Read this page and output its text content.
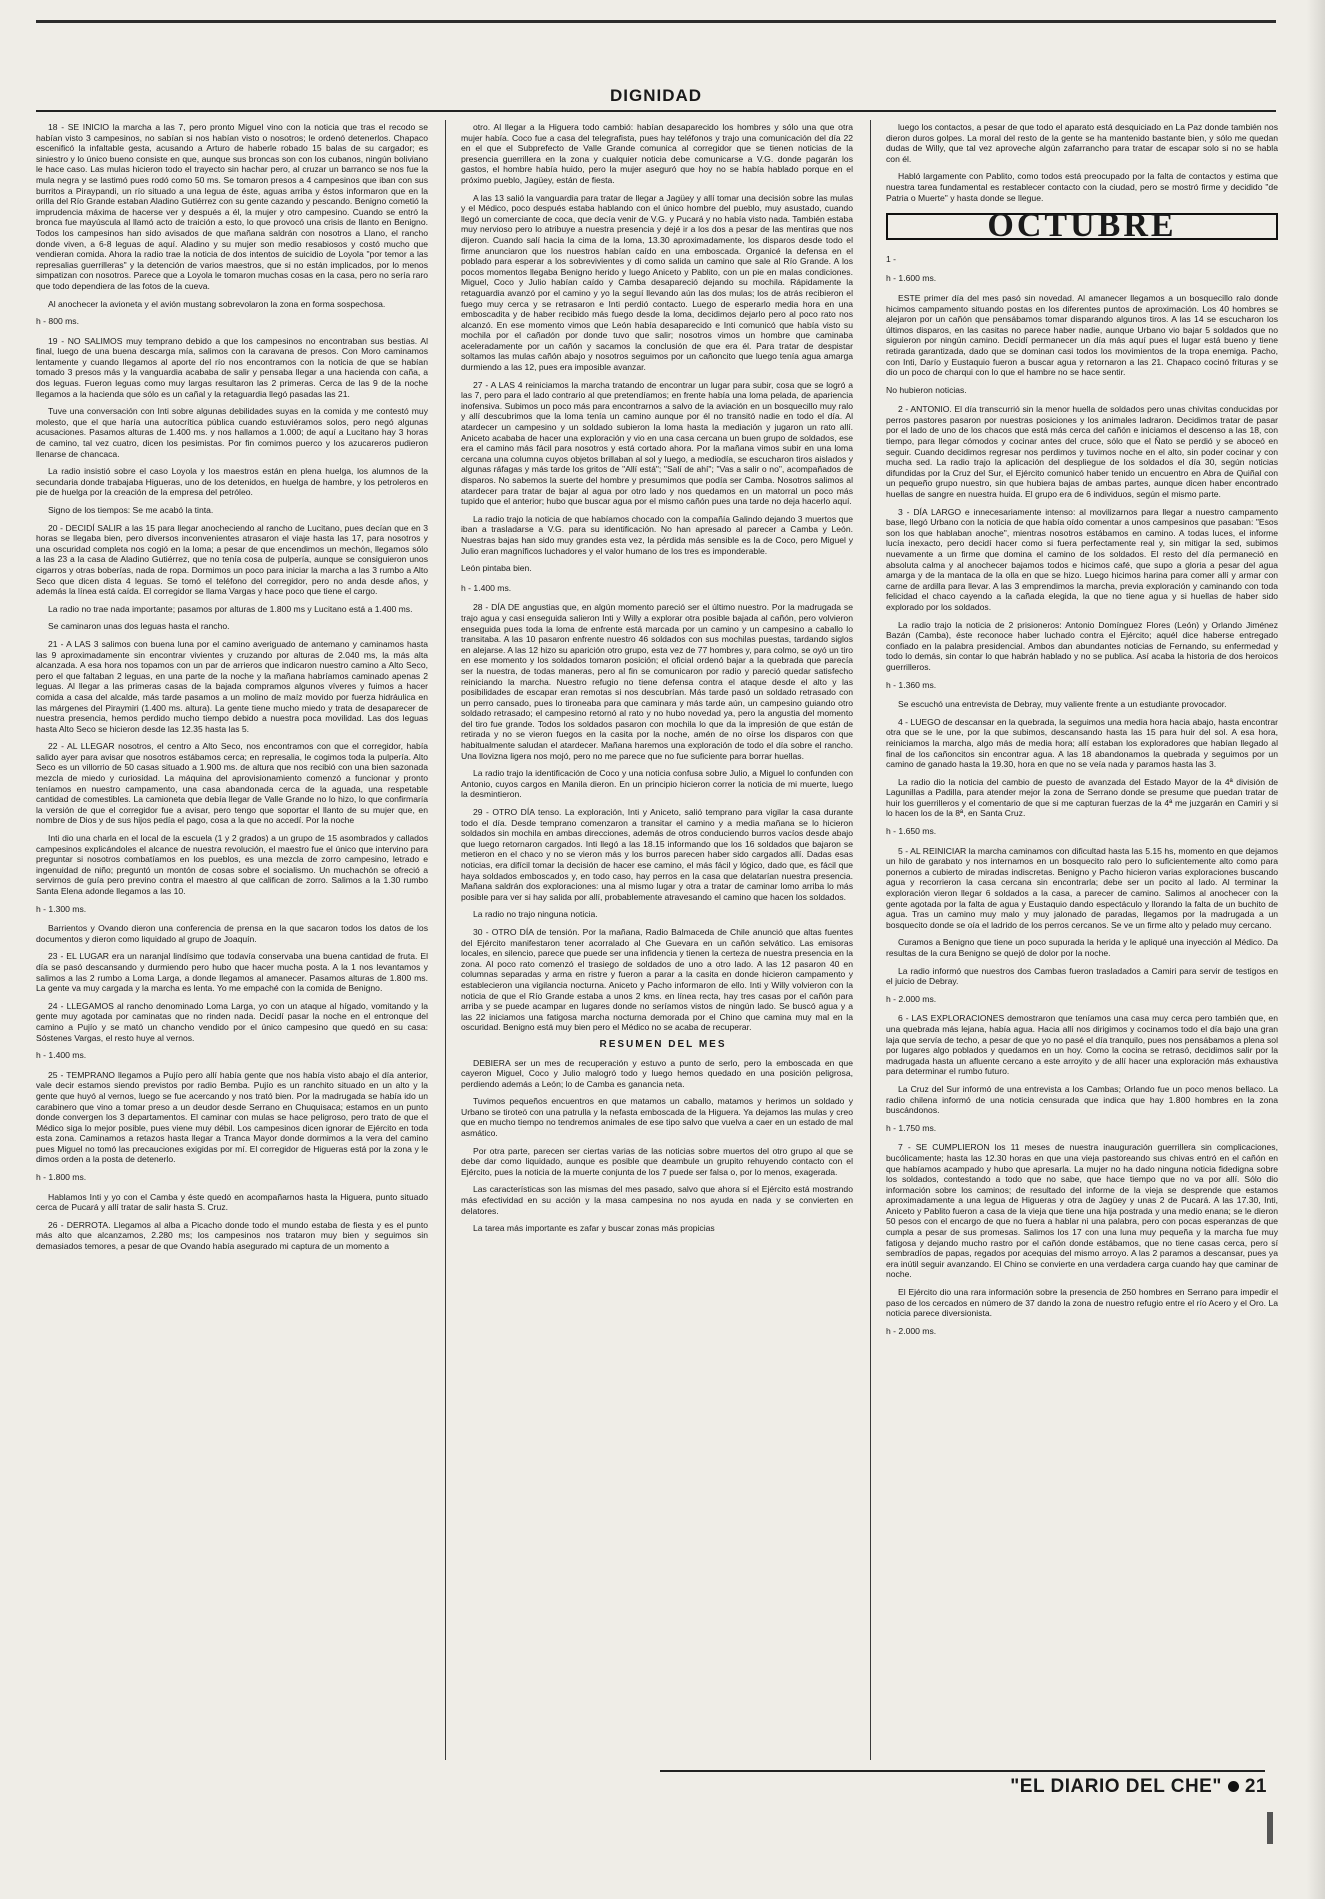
DIGNIDAD

18 - SE INICIO la marcha a las 7, pero pronto Miguel vino con la noticia que tras el recodo se habían visto 3 campesinos, no sabían si nos habían visto o nosotros; le ordenó detenerlos. Chapaco escenificó la infaltable gesta, acusando a Arturo de haberle robado 15 balas de su cargador; es siniestro y lo único bueno consiste en que, aunque sus broncas son con los cubanos, ningún boliviano le hace caso. Las mulas hicieron todo el trayecto sin hachar pero, al cruzar un barranco se nos fue la mula negra y se lastimó pues rodó como 50 ms. Se tomaron presos a 4 campesinos que iban con sus burritos a Piraypandi, un río situado a una legua de éste, aguas arriba y éstos informaron que en la orilla del Río Grande estaban Aladino Gutiérrez con su gente cazando y pescando. Benigno cometió la imprudencia máxima de hacerse ver y después a él, la mujer y otro campesino. Cuando se entró la bronca fue mayúscula al llamó acto de traición a esto, lo que provocó una crisis de llanto en Benigno. Todos los campesinos han sido avisados de que mañana saldrán con nosotros a Llano, el rancho donde viven, a 6-8 leguas de aquí. Aladino y su mujer son medio resabiosos y costó mucho que vendieran comida. Ahora la radio trae la noticia de dos intentos de suicidio de Loyola "por temor a las represalias guerrilleras" y la detención de varios maestros, que si no están implicados, por lo menos simpatizan con nosotros. Parece que a Loyola le tomaron muchas cosas en la casa, pero no sería raro que todo dependiera de las fotos de la cueva.

Al anochecer la avioneta y el avión mustang sobrevolaron la zona en forma sospechosa.

h - 800 ms.

19 - NO SALIMOS muy temprano debido a que los campesinos no encontraban sus bestias. Al final, luego de una buena descarga mía, salimos con la caravana de presos. Con Moro caminamos lentamente y cuando llegamos al aporte del río nos encontramos con la noticia de que se habían tomado 3 presos más y la vanguardia acababa de salir y pensaba llegar a una hacienda con caña, a dos leguas. Fueron leguas como muy largas resultaron las 2 primeras. Cerca de las 9 de la noche llegamos a la hacienda que sólo es un cañal y la retaguardia llegó pasadas las 21.

Tuve una conversación con Inti sobre algunas debilidades suyas en la comida y me contestó muy molesto, que el que haría una autocrítica pública cuando estuviéramos solos, pero negó algunas acusaciones. Pasamos alturas de 1.400 ms. y nos hallamos a 1.000; de aquí a Lucitano hay 3 horas de camino, tal vez cuatro, dicen los pesimistas. Por fin comimos puerco y los azucareros pudieron llenarse de chancaca.

La radio insistió sobre el caso Loyola y los maestros están en plena huelga, los alumnos de la secundaria donde trabajaba Higueras, uno de los detenidos, en huelga de hambre, y los petroleros en pie de huelga por la creación de la empresa del petróleo.

Signo de los tiempos: Se me acabó la tinta.

20 - DECIDÍ SALIR a las 15 para llegar anocheciendo al rancho de Lucitano, pues decían que en 3 horas se llegaba bien, pero diversos inconvenientes atrasaron el viaje hasta las 17, para nosotros y una oscuridad completa nos cogió en la loma; a pesar de que encendimos un mechón, llegamos sólo a las 23 a la casa de Aladino Gutiérrez, que no tenía cosa de pulpería, aunque se consiguieron unos cigarros y otras boberías, nada de ropa. Dormimos un poco para iniciar la marcha a las 3 rumbo a Alto Seco que dicen dista 4 leguas. Se tomó el teléfono del corregidor, pero no anda desde años, y además la línea está caída. El corregidor se llama Vargas y hace poco que tiene el cargo.

La radio no trae nada importante; pasamos por alturas de 1.800 ms y Lucitano está a 1.400 ms.

Se caminaron unas dos leguas hasta el rancho.

21 - A LAS 3 salimos con buena luna por el camino averiguado de antemano y caminamos hasta las 9 aproximadamente sin encontrar vivientes y cruzando por alturas de 2.040 ms, la más alta alcanzada. A esa hora nos topamos con un par de arrieros que indicaron nuestro camino a Alto Seco, pero el que faltaban 2 leguas, en una parte de la noche y la mañana habríamos caminado apenas 2 leguas. Al llegar a las primeras casas de la bajada compramos algunos víveres y fuimos a hacer comida a casa del alcalde, más tarde pasamos a un molino de maíz movido por fuerza hidráulica en las márgenes del Piraymiri (1.400 ms. altura). La gente tiene mucho miedo y trata de desaparecer de nuestra presencia, hemos perdido mucho tiempo debido a nuestra poca movilidad. Las dos leguas hasta Alto Seco se hicieron desde las 12.35 hasta las 5.

22 - AL LLEGAR nosotros, el centro a Alto Seco, nos encontramos con que el corregidor, había salido ayer para avisar que nosotros estábamos cerca; en represalia, le cogimos toda la pulpería. Alto Seco es un villorrio de 50 casas situado a 1.900 ms. de altura que nos recibió con una bien sazonada mezcla de miedo y curiosidad. La máquina del aprovisionamiento comenzó a funcionar y pronto teníamos en nuestro campamento, una casa abandonada cerca de la aguada, una respetable cantidad de comestibles. La camioneta que debía llegar de Valle Grande no lo hizo, lo que confirmaría la versión de que el corregidor fue a avisar, pero tengo que soportar el llanto de su mujer que, en nombre de Dios y de sus hijos pedía el pago, cosa a la que no accedí. Por la noche

Inti dio una charla en el local de la escuela (1 y 2 grados) a un grupo de 15 asombrados y callados campesinos explicándoles el alcance de nuestra revolución, el maestro fue el único que intervino para preguntar si nosotros combatíamos en los pueblos, es una mezcla de zorro campesino, letrado e ingenuidad de niño; preguntó un montón de cosas sobre el socialismo. Un muchachón se ofreció a servirnos de guía pero previno contra el maestro al que califican de zorro. Salimos a la 1.30 rumbo Santa Elena adonde llegamos a las 10.

h - 1.300 ms.

Barrientos y Ovando dieron una conferencia de prensa en la que sacaron todos los datos de los documentos y dieron como liquidado al grupo de Joaquín.

23 - EL LUGAR era un naranjal lindísimo que todavía conservaba una buena cantidad de fruta. El día se pasó descansando y durmiendo pero hubo que hacer mucha posta. A la 1 nos levantamos y salimos a las 2 rumbo a Loma Larga, a donde llegamos al amanecer. Pasamos alturas de 1.800 ms. La gente va muy cargada y la marcha es lenta. Yo me empaché con la comida de Benigno.

24 - LLEGAMOS al rancho denominado Loma Larga, yo con un ataque al hígado, vomitando y la gente muy agotada por caminatas que no rinden nada. Decidí pasar la noche en el entronque del camino a Pujío y se mató un chancho vendido por el único campesino que quedó en su casa: Sóstenes Vargas, el resto huye al vernos.

h - 1.400 ms.

25 - TEMPRANO llegamos a Pujío pero allí había gente que nos había visto abajo el día anterior, vale decir estamos siendo previstos por radio Bemba. Pujío es un ranchito situado en un alto y la gente que huyó al vernos, luego se fue acercando y nos trató bien. Por la madrugada se había ido un carabinero que vino a tomar preso a un deudor desde Serrano en Chuquisaca; estamos en un punto donde convergen los 3 departamentos. El caminar con mulas se hace peligroso, pero trato de que el Médico siga lo mejor posible, pues viene muy débil. Los campesinos dicen ignorar de Ejército en toda esta zona. Caminamos a retazos hasta llegar a Tranca Mayor donde dormimos a la vera del camino pues Miguel no tomó las precauciones exigidas por mí. El corregidor de Higueras está por la zona y le dimos orden a la posta de detenerlo.

h - 1.800 ms.

Hablamos Inti y yo con el Camba y éste quedó en acompañarnos hasta la Higuera, punto situado cerca de Pucará y allí tratar de salir hasta S. Cruz.

26 - DERROTA. Llegamos al alba a Picacho donde todo el mundo estaba de fiesta y es el punto más alto que alcanzamos, 2.280 ms; los campesinos nos trataron muy bien y seguimos sin demasiados temores, a pesar de que Ovando había asegurado mi captura de un momento a

otro. Al llegar a la Higuera todo cambió: habían desaparecido los hombres y sólo una que otra mujer había. Coco fue a casa del telegrafista, pues hay teléfonos y trajo una comunicación del día 22 en el que el Subprefecto de Valle Grande comunica al corregidor que se tienen noticias de la presencia guerrillera en la zona y cualquier noticia debe comunicarse a V.G. donde pagarán los gastos, el hombre había huido, pero la mujer aseguró que hoy no se había hablado porque en el próximo pueblo, Jagüey, están de fiesta.

A las 13 salió la vanguardia para tratar de llegar a Jagüey y allí tomar una decisión sobre las mulas y el Médico, poco después estaba hablando con el único hombre del pueblo, muy asustado, cuando llegó un comerciante de coca, que decía venir de V.G. y Pucará y no había visto nada. También estaba muy nervioso pero lo atribuye a nuestra presencia y dejé ir a los dos a pesar de las mentiras que nos dijeron. Cuando salí hacia la cima de la loma, 13.30 aproximadamente, los disparos desde todo el firme anunciaron que los nuestros habían caído en una emboscada. Organicé la defensa en el poblado para esperar a los sobrevivientes y di como salida un camino que sale al Río Grande. A los pocos momentos llegaba Benigno herido y luego Aniceto y Pablito, con un pie en malas condiciones. Miguel, Coco y Julio habían caído y Camba desapareció dejando su mochila. Rápidamente la retaguardia avanzó por el camino y yo la seguí llevando aún las dos mulas; los de atrás recibieron el fuego muy cerca y se retrasaron e Inti perdió contacto. Luego de esperarlo media hora en una emboscadita y de haber recibido más fuego desde la loma, decidimos dejarlo pero al poco rato nos alcanzó. En ese momento vimos que León había desaparecido e Inti comunicó que había visto su mochila por el cañadón por donde tuvo que salir; nosotros vimos un hombre que caminaba aceleradamente por un cañón y sacamos la conclusión de que era él. Para tratar de despistar soltamos las mulas cañón abajo y nosotros seguimos por un cañoncito que luego tenía agua amarga durmiendo a las 12, pues era imposible avanzar.

27 - A LAS 4 reiniciamos la marcha tratando de encontrar un lugar para subir, cosa que se logró a las 7, pero para el lado contrario al que pretendíamos; en frente había una loma pelada, de apariencia inofensiva. Subimos un poco más para encontrarnos a salvo de la aviación en un bosquecillo muy ralo y allí descubrimos que la loma tenía un camino aunque por él no transitó nadie en todo el día. Al atardecer un campesino y un soldado subieron la loma hasta la mediación y jugaron un rato allí. Aniceto acababa de hacer una exploración y vio en una casa cercana un buen grupo de soldados, ese era el camino más fácil para nosotros y está cortado ahora. Por la mañana vimos subir en una loma cercana una columna cuyos objetos brillaban al sol y luego, a mediodía, se escucharon tiros aislados y algunas ráfagas y más tarde los gritos de "Allí está"; "Salí de ahí"; "Vas a salir o no", acompañados de disparos. No sabemos la suerte del hombre y presumimos que podía ser Camba. Nosotros salimos al atardecer para tratar de bajar al agua por otro lado y nos quedamos en un matorral un poco más tupido que el anterior; hubo que buscar agua por el mismo cañón pues una tarde no deja hacerlo aquí.

La radio trajo la noticia de que habíamos chocado con la compañía Galindo dejando 3 muertos que iban a trasladarse a V.G. para su identificación. No han apresado al parecer a Camba y León. Nuestras bajas han sido muy grandes esta vez, la pérdida más sensible es la de Coco, pero Miguel y Julio eran magníficos luchadores y el valor humano de los tres es imponderable.

León pintaba bien.

h - 1.400 ms.

28 - DÍA DE angustias que, en algún momento pareció ser el último nuestro. Por la madrugada se trajo agua y casi enseguida salieron Inti y Willy a explorar otra posible bajada al cañón, pero volvieron enseguida pues toda la loma de enfrente está marcada por un camino y un campesino a caballo lo transitaba. A las 10 pasaron enfrente nuestro 46 soldados con sus mochilas puestas, tardando siglos en alejarse. A las 12 hizo su aparición otro grupo, esta vez de 77 hombres y, para colmo, se oyó un tiro en ese momento y los soldados tomaron posición; el oficial ordenó bajar a la quebrada que parecía ser la nuestra, de todas maneras, pero al fin se comunicaron por radio y pareció quedar satisfecho reiniciando la marcha. Nuestro refugio no tiene defensa contra el ataque desde el alto y las posibilidades de escapar eran remotas si nos descubrían. Más tarde pasó un soldado retrasado con un perro cansado, pues lo tironeaba para que caminara y más tarde aún, un campesino guiando otro soldado retrasado; el campesino retornó al rato y no hubo novedad ya, pero la angustia del momento del tiro fue grande. Todos los soldados pasaron con mochila lo que da la impresión de que están de retirada y no se vieron fuegos en la casita por la noche, amén de no oírse los disparos con que habitualmente saludan el atardecer. Mañana haremos una exploración de todo el día sobre el rancho. Una llovizna ligera nos mojó, pero no me parece que no fue suficiente para borrar huellas.

La radio trajo la identificación de Coco y una noticia confusa sobre Julio, a Miguel lo confunden con Antonio, cuyos cargos en Manila dieron. En un principio hicieron correr la noticia de mi muerte, luego la desmintieron.

29 - OTRO DÍA tenso. La exploración, Inti y Aniceto, salió temprano para vigilar la casa durante todo el día. Desde temprano comenzaron a transitar el camino y a media mañana se lo hicieron soldados sin mochila en ambas direcciones, además de otros conduciendo burros vacíos desde abajo que luego retornaron cargados. Inti llegó a las 18.15 informando que los 16 soldados que bajaron se metieron en el chaco y no se vieron más y los burros parecen haber sido cargados allí. Dadas esas noticias, era difícil tomar la decisión de hacer ese camino, el más fácil y lógico, dado que, es fácil que haya soldados emboscados y, en todo caso, hay perros en la casa que delatarían nuestra presencia. Mañana saldrán dos exploraciones: una al mismo lugar y otra a tratar de caminar lomo arriba lo más posible para ver si hay salida por allí, probablemente atravesando el camino que hacen los soldados.

La radio no trajo ninguna noticia.

30 - OTRO DÍA de tensión. Por la mañana, Radio Balmaceda de Chile anunció que altas fuentes del Ejército manifestaron tener acorralado al Che Guevara en un cañón selvático. Las emisoras locales, en silencio, parece que puede ser una infidencia y tienen la certeza de nuestra presencia en la zona. Al poco rato comenzó el trasiego de soldados de uno a otro lado. A las 12 pasaron 40 en columnas separadas y arma en ristre y fueron a parar a la casita en donde hicieron campamento y establecieron una vigilancia nocturna. Aniceto y Pacho informaron de ello. Inti y Willy volvieron con la noticia de que el Río Grande estaba a unos 2 kms. en línea recta, hay tres casas por el cañón para arriba y se puede acampar en lugares donde no seríamos vistos de ningún lado. Se buscó agua y a las 22 iniciamos una fatigosa marcha nocturna demorada por el Chino que camina muy mal en la oscuridad. Benigno está muy bien pero el Médico no se acaba de recuperar.

RESUMEN DEL MES

DEBIERA ser un mes de recuperación y estuvo a punto de serlo, pero la emboscada en que cayeron Miguel, Coco y Julio malogró todo y luego hemos quedado en una posición peligrosa, perdiendo además a León; lo de Camba es ganancia neta.

Tuvimos pequeños encuentros en que matamos un caballo, matamos y herimos un soldado y Urbano se tiroteó con una patrulla y la nefasta emboscada de la Higuera. Ya dejamos las mulas y creo que en mucho tiempo no tendremos animales de ese tipo salvo que vuelva a caer en un estado de mal asmático.

Por otra parte, parecen ser ciertas varias de las noticias sobre muertos del otro grupo al que se debe dar como liquidado, aunque es posible que deambule un grupito rehuyendo contacto con el Ejército, pues la noticia de la muerte conjunta de los 7 puede ser falsa o, por lo menos, exagerada.

Las características son las mismas del mes pasado, salvo que ahora sí el Ejército está mostrando más efectividad en su acción y la masa campesina no nos ayuda en nada y se convierten en delatores.

La tarea más importante es zafar y buscar zonas más propicias

luego los contactos, a pesar de que todo el aparato está desquiciado en La Paz donde también nos dieron duros golpes. La moral del resto de la gente se ha mantenido bastante bien, y sólo me quedan dudas de Willy, que tal vez aproveche algún zafarrancho para tratar de escapar solo si no se habla con él.

Habló largamente con Pablito, como todos está preocupado por la falta de contactos y estima que nuestra tarea fundamental es restablecer contacto con la ciudad, pero se mostró firme y decidido "de Patria o Muerte" y hasta donde se llegue.

OCTUBRE

1 -

h - 1.600 ms.

ESTE primer día del mes pasó sin novedad. Al amanecer llegamos a un bosquecillo ralo donde hicimos campamento situando postas en los diferentes puntos de aproximación. Los 40 hombres se alejaron por un cañón que pensábamos tomar disparando algunos tiros. A las 14 se escucharon los últimos disparos, en las casitas no parece haber nadie, aunque Urbano vio bajar 5 soldados que no siguieron por ningún camino. Decidí permanecer un día más aquí pues el lugar está bueno y tiene retirada garantizada, dado que se dominan casi todos los movimientos de la tropa enemiga. Pacho, con Inti, Darío y Eustaquio fueron a buscar agua y retornaron a las 21. Chapaco cocinó frituras y se dio un poco de charqui con lo que el hambre no se hace sentir.

No hubieron noticias.

2 - ANTONIO. El día transcurrió sin la menor huella de soldados pero unas chivitas conducidas por perros pastores pasaron por nuestras posiciones y los animales ladraron. Decidimos tratar de pasar por el lado de uno de los chacos que está más cerca del cañón e iniciamos el descenso a las 18, con tiempo, para llegar cómodos y cocinar antes del cruce, sólo que el Ñato se perdió y se aboceó en seguir. Cuando decidimos regresar nos perdimos y tuvimos noche en el alto, sin poder cocinar y con mucha sed. La radio trajo la aplicación del despliegue de los soldados el día 30, según noticias difundidas por la Cruz del Sur, el Ejército comunicó haber tenido un encuentro en Abra de Quiñal con un pequeño grupo nuestro, sin que hubiera bajas de ambas partes, aunque dicen haber encontrado huellas de sangre en nuestra huida. El grupo era de 6 individuos, según el mismo parte.

3 - DÍA LARGO e innecesariamente intenso: al movilizarnos para llegar a nuestro campamento base, llegó Urbano con la noticia de que había oído comentar a unos campesinos que pasaban: "Esos son los que hablaban anoche", mientras nosotros estábamos en camino. A todas luces, el informe lucía inexacto, pero decidí hacer como si fuera perfectamente real y, sin mitigar la sed, subimos nuevamente a un firme que domina el camino de los soldados. El resto del día permaneció en absoluta calma y al anochecer bajamos todos e hicimos café, que supo a gloria a pesar del agua amarga y de la mantaca de la olla en que se hizo. Luego hicimos harina para comer allí y armar con carne de ardilla para llevar. A las 3 emprendimos la marcha, previa exploración y caminando con toda felicidad el chaco cayendo a la cañada elegida, la que no tiene agua y si huellas de haber sido explorado por los soldados.

La radio trajo la noticia de 2 prisioneros: Antonio Domínguez Flores (León) y Orlando Jiménez Bazán (Camba), éste reconoce haber luchado contra el Ejército; aquél dice haberse entregado confiado en la palabra presidencial. Ambos dan abundantes noticias de Fernando, su enfermedad y todo lo demás, sin contar lo que habrán hablado y no se publica. Así acaba la historia de dos heroicos guerrilleros.

h - 1.360 ms.

Se escuchó una entrevista de Debray, muy valiente frente a un estudiante provocador.

4 - LUEGO de descansar en la quebrada, la seguimos una media hora hacia abajo, hasta encontrar otra que se le une, por la que subimos, descansando hasta las 15 para huir del sol. A esa hora, reiniciamos la marcha, algo más de media hora; allí estaban los exploradores que habían llegado al final de los cañoncitos sin encontrar agua. A las 18 abandonamos la quebrada y seguimos por un camino de ganado hasta la 19.30, hora en que no se veía nada y paramos hasta las 3.

La radio dio la noticia del cambio de puesto de avanzada del Estado Mayor de la 4ª división de Lagunillas a Padilla, para atender mejor la zona de Serrano donde se presume que puedan tratar de huir los guerrilleros y el comentario de que si me capturan fuerzas de la 4ª me juzgarán en Camiri y si lo hacen los de la 8ª, en Santa Cruz.

h - 1.650 ms.

5 - AL REINICIAR la marcha caminamos con dificultad hasta las 5.15 hs, momento en que dejamos un hilo de garabato y nos internamos en un bosquecito ralo pero lo suficientemente alto como para ponernos a cubierto de miradas indiscretas. Benigno y Pacho hicieron varias exploraciones buscando agua y recorrieron la casa cercana sin encontrarla; debe ser un pocito al lado. Al terminar la exploración vieron llegar 6 soldados a la casa, a parecer de camino. Salimos al anochecer con la gente agotada por la falta de agua y Eustaquio dando espectáculo y llorando la falta de un buchito de agua. Tras un camino muy malo y muy jalonado de paradas, llegamos por la madrugada a un bosquecito donde se oía el ladrido de los perros cercanos. Se ve un firme alto y pelado muy cercano.

Curamos a Benigno que tiene un poco supurada la herida y le apliqué una inyección al Médico. Da resultas de la cura Benigno se quejó de dolor por la noche.

La radio informó que nuestros dos Cambas fueron trasladados a Camiri para servir de testigos en el juicio de Debray.

h - 2.000 ms.

6 - LAS EXPLORACIONES demostraron que teníamos una casa muy cerca pero también que, en una quebrada más lejana, había agua. Hacia allí nos dirigimos y cocinamos todo el día bajo una gran laja que servía de techo, a pesar de que yo no pasé el día tranquilo, pues nos pensábamos a plena sol por lugares algo poblados y quedamos en un hoy. Como la cocina se retrasó, decidimos salir por la madrugada hasta un afluente cercano a este arroyito y de allí hacer una exploración más exhaustiva para determinar el rumbo futuro.

La Cruz del Sur informó de una entrevista a los Cambas; Orlando fue un poco menos bellaco. La radio chilena informó de una noticia censurada que indica que hay 1.800 hombres en la zona buscándonos.

h - 1.750 ms.

7 - SE CUMPLIERON los 11 meses de nuestra inauguración guerrillera sin complicaciones, bucólicamente; hasta las 12.30 horas en que una vieja pastoreando sus chivas entró en el cañón en que habíamos acampado y hubo que apresarla. La mujer no ha dado ninguna noticia fidedigna sobre los soldados, contestando a todo que no sabe, que hace tiempo que no va por allí. Sólo dio información sobre los caminos; de resultado del informe de la vieja se desprende que estamos aproximadamente a una legua de Higueras y otra de Jagüey y unas 2 de Pucará. A las 17.30, Inti, Aniceto y Pablito fueron a casa de la vieja que tiene una hija postrada y una medio enana; se le dieron 50 pesos con el encargo de que no fuera a hablar ni una palabra, pero con pocas esperanzas de que cumpla a pesar de sus promesas. Salimos los 17 con una luna muy pequeña y la marcha fue muy fatigosa y dejando mucho rastro por el cañón donde estábamos, que no tiene casas cerca, pero sí sembradíos de papas, regados por acequias del mismo arroyo. A las 2 paramos a descansar, pues ya era inútil seguir avanzando. El Chino se convierte en una verdadera carga cuando hay que caminar de noche.

El Ejército dio una rara información sobre la presencia de 250 hombres en Serrano para impedir el paso de los cercados en número de 37 dando la zona de nuestro refugio entre el río Acero y el Oro. La noticia parece diversionista.

h - 2.000 ms.

"EL DIARIO DEL CHE" 21
